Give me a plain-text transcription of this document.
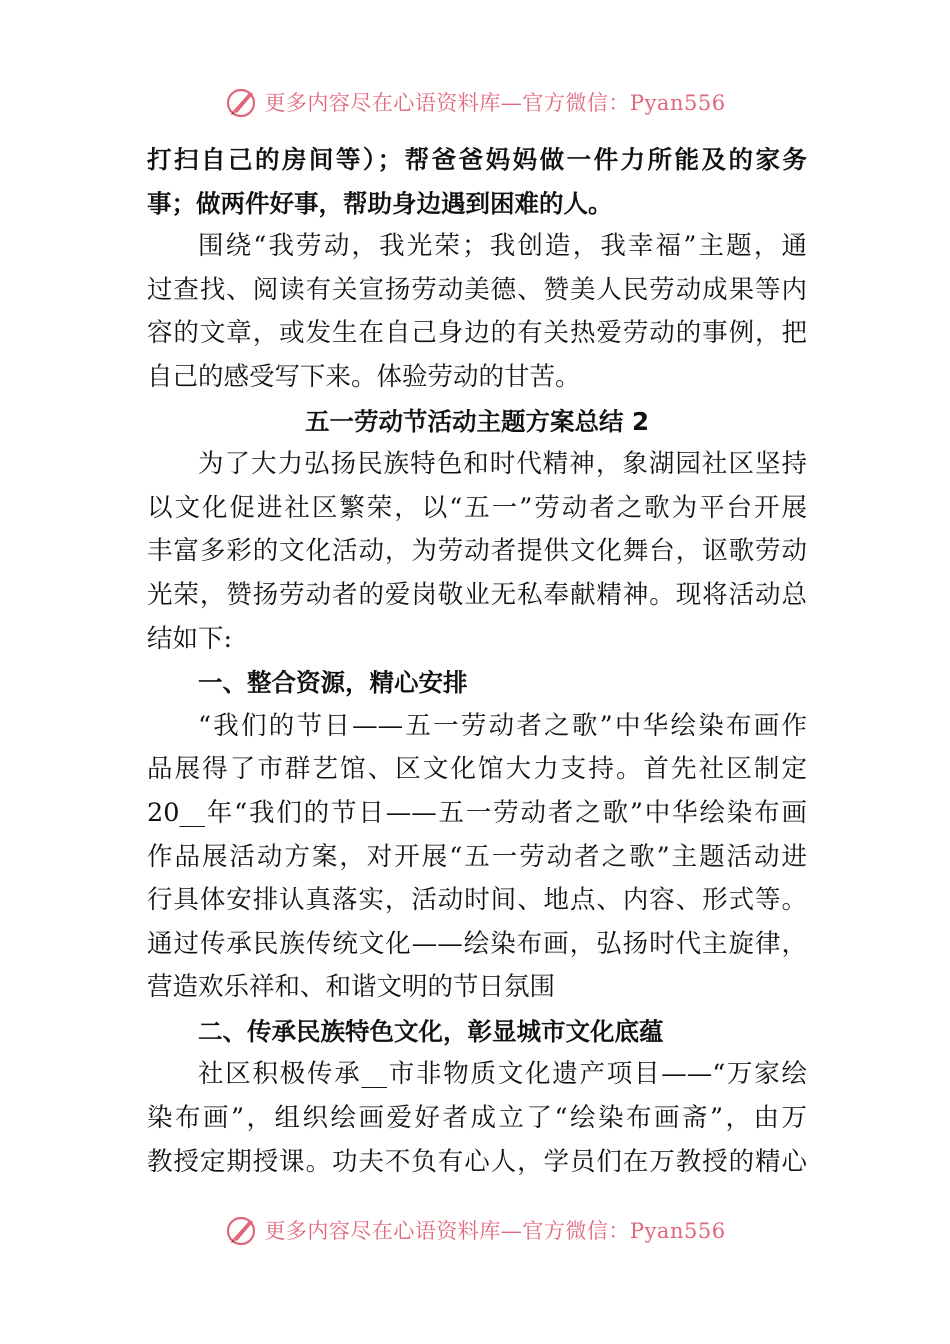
更多内容尽在心语资料库—官方微信：Pyan556
打扫自己的房间等）；帮爸爸妈妈做一件力所能及的家务
事；做两件好事，帮助身边遇到困难的人。
围绕“我劳动，我光荣；我创造，我幸福”主题，通
过查找、阅读有关宣扬劳动美德、赞美人民劳动成果等内
容的文章，或发生在自己身边的有关热爱劳动的事例，把
自己的感受写下来。体验劳动的甘苦。
五一劳动节活动主题方案总结 2
为了大力弘扬民族特色和时代精神，象湖园社区坚持
以文化促进社区繁荣，以“五一”劳动者之歌为平台开展
丰富多彩的文化活动，为劳动者提供文化舞台，讴歌劳动
光荣，赞扬劳动者的爱岗敬业无私奉献精神。现将活动总
结如下:
一、整合资源，精心安排
“我们的节日——五一劳动者之歌”中华绘染布画作
品展得了市群艺馆、区文化馆大力支持。首先社区制定
20__年“我们的节日——五一劳动者之歌”中华绘染布画
作品展活动方案，对开展“五一劳动者之歌”主题活动进
行具体安排认真落实，活动时间、地点、内容、形式等。
通过传承民族传统文化——绘染布画，弘扬时代主旋律，
营造欢乐祥和、和谐文明的节日氛围
二、传承民族特色文化，彰显城市文化底蕴
社区积极传承__市非物质文化遗产项目——“万家绘
染布画”，组织绘画爱好者成立了“绘染布画斋”，由万
教授定期授课。功夫不负有心人，学员们在万教授的精心
更多内容尽在心语资料库—官方微信：Pyan556
